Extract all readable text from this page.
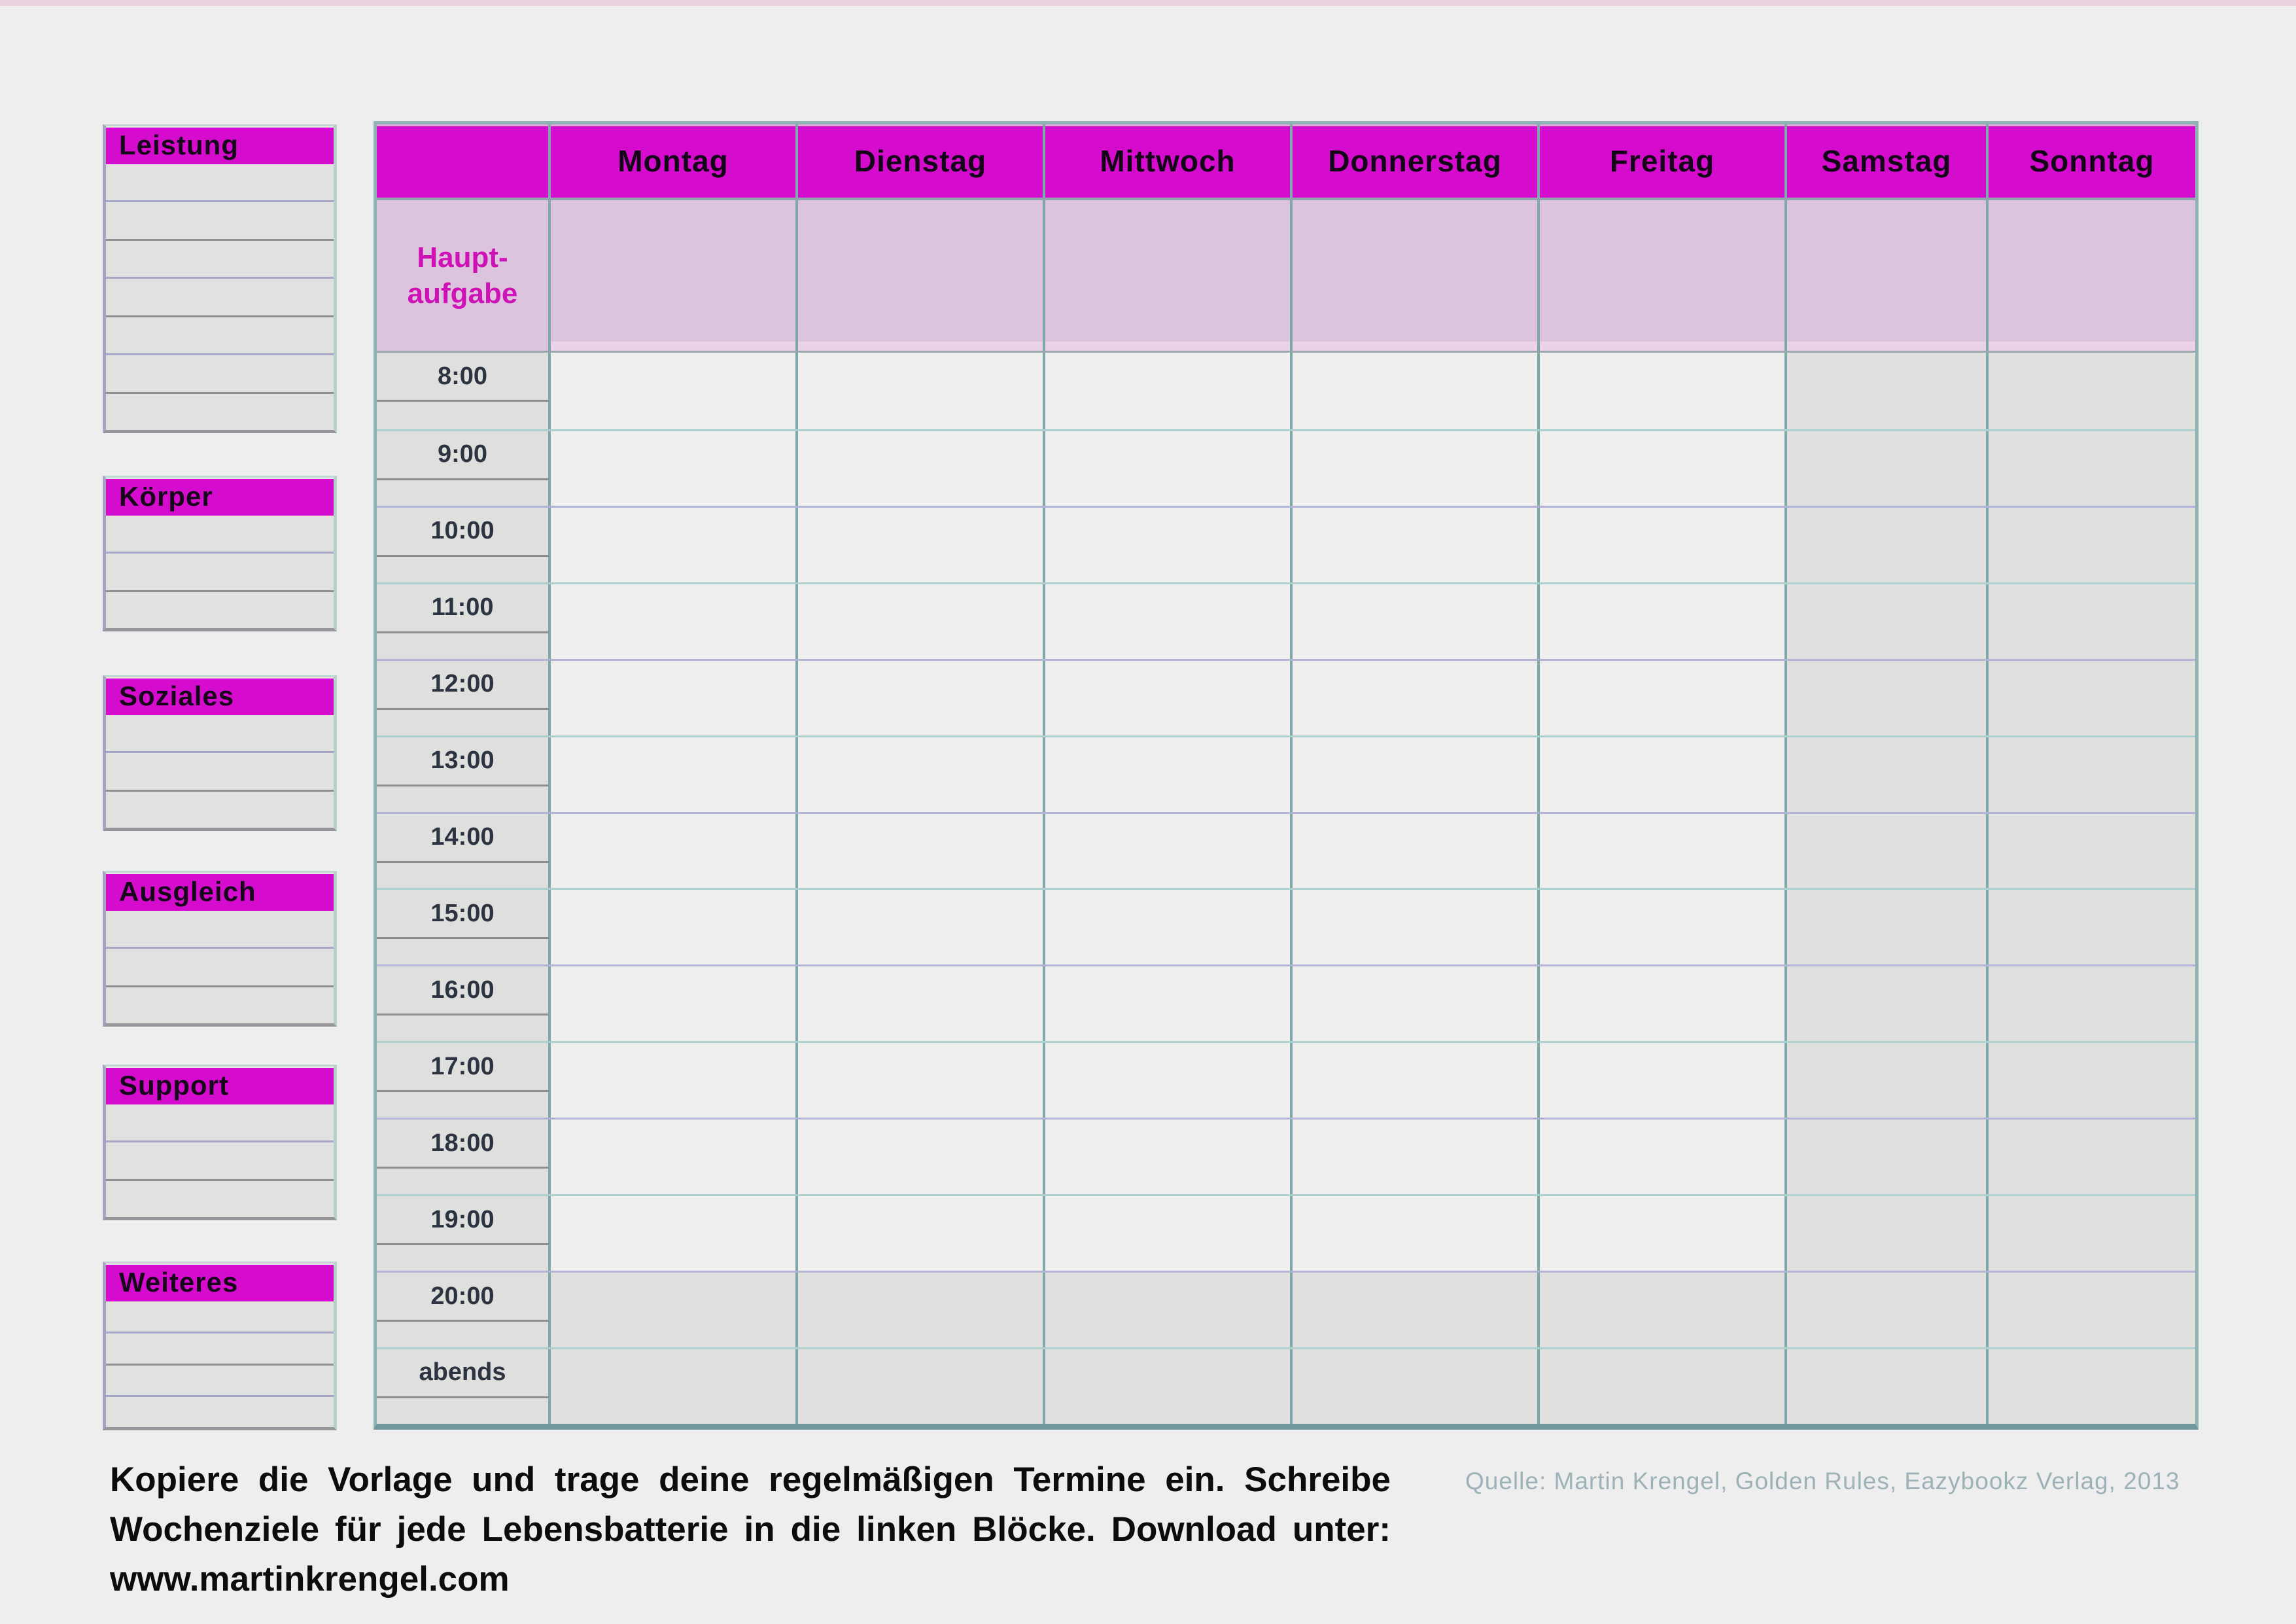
Leistung
Körper
Soziales
Ausgleich
Support
Weiteres
Montag	Dienstag	Mittwoch	Donnerstag	Freitag	Samstag	Sonntag
Haupt-
aufgabe
8:00
9:00
10:00
11:00
12:00
13:00
14:00
15:00
16:00
17:00
18:00
19:00
20:00
abends
Kopiere die Vorlage und trage deine regelmäßigen Termine ein. Schreibe
Wochenziele für jede Lebensbatterie in die linken Blöcke. Download unter:
www.martinkrengel.com
Quelle: Martin Krengel, Golden Rules, Eazybookz Verlag, 2013
